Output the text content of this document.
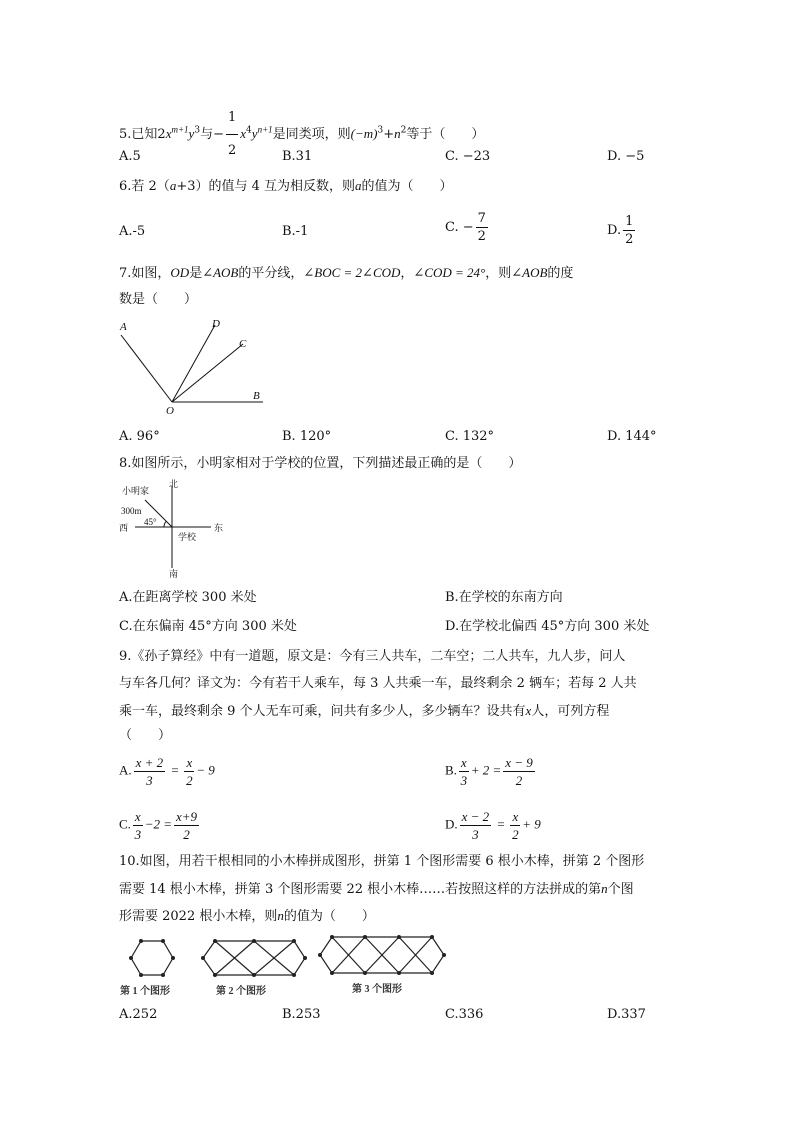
5.已知$2x^{m+1}y^3$与− $\frac{1}{2} x^4y^{n+1}$是同类项，则$(-m)^3+n^2$等于（　　）
A.5	B.31	C. −23	D. −5
6.若 2（a+3）的值与 4 互为相反数，则a的值为（　　）
A.-5	B.-1	C. − $\frac{7}{2}$	D. $\frac{1}{2}$
7.如图，OD是∠AOB的平分线，∠BOC = 2∠COD，∠COD = 24°，则∠AOB的度
数是（　　）
A	D
C
O
B
A. 96°	B. 120°	C. 132°	D. 144°
8.如图所示，小明家相对于学校的位置，下列描述最正确的是（　　）
北
南
西	东
小明家
300m
45°
学校
A.在距离学校 300 米处	B.在学校的东南方向
C.在东偏南 45°方向 300 米处	D.在学校北偏西 45°方向 300 米处
9.《孙子算经》中有一道题，原文是：今有三人共车，二车空；二人共车，九人步，问人
与车各几何？译文为：今有若干人乘车，每 3 人共乘一车，最终剩余 2 辆车；若每 2 人共
乘一车，最终剩余 9 个人无车可乘，问共有多少人，多少辆车？设共有x人，可列方程
（　　）
A. $\frac{x + 2}{3} = \frac{x}{2} - 9$	B. $\frac{x}{3} + 2 = \frac{x - 9}{2}$
C. $\frac{x}{3} -2 = \frac{x+9}{2}$	D. $\frac{x - 2}{3} = \frac{x}{2} + 9$
10.如图，用若干根相同的小木棒拼成图形，拼第 1 个图形需要 6 根小木棒，拼第 2 个图形
需要 14 根小木棒，拼第 3 个图形需要 22 根小木棒……若按照这样的方法拼成的第n个图
形需要 2022 根小木棒，则n的值为（　　）
第 1 个图形	第 2 个图形	第 3 个图形
A.252	B.253	C.336	D.337
